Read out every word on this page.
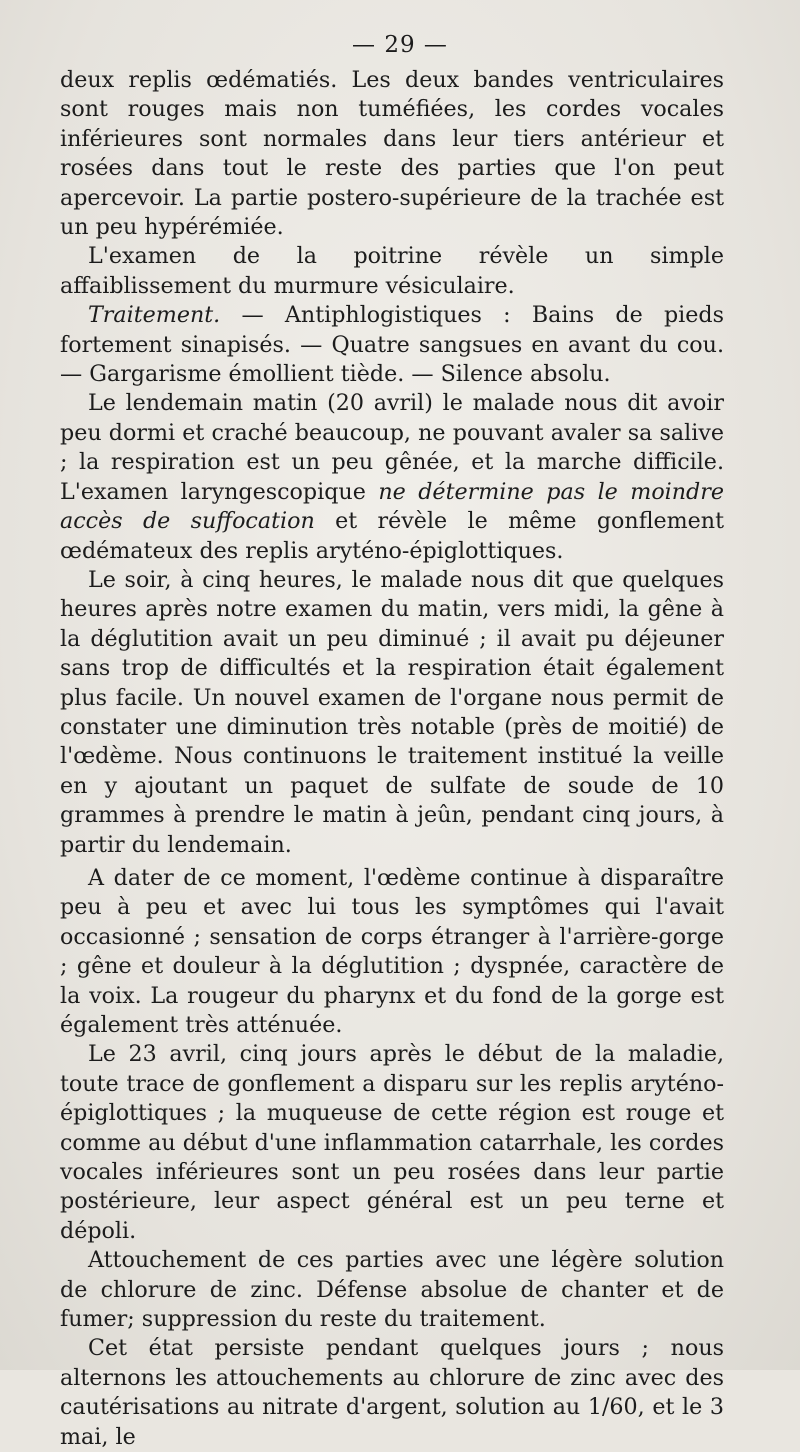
— 29 —

deux replis œdématiés. Les deux bandes ventriculaires sont rouges mais non tuméfiées, les cordes vocales inférieures sont normales dans leur tiers antérieur et rosées dans tout le reste des parties que l'on peut apercevoir. La partie postero-supérieure de la trachée est un peu hypérémiée.

L'examen de la poitrine révèle un simple affaiblissement du murmure vésiculaire.

Traitement. — Antiphlogistiques : Bains de pieds fortement sinapisés. — Quatre sangsues en avant du cou. — Gargarisme émollient tiède. — Silence absolu.

Le lendemain matin (20 avril) le malade nous dit avoir peu dormi et craché beaucoup, ne pouvant avaler sa salive ; la respiration est un peu gênée, et la marche difficile. L'examen laryngescopique ne détermine pas le moindre accès de suffocation et révèle le même gonflement œdémateux des replis aryténo-épiglottiques.

Le soir, à cinq heures, le malade nous dit que quelques heures après notre examen du matin, vers midi, la gêne à la déglutition avait un peu diminué ; il avait pu déjeuner sans trop de difficultés et la respiration était également plus facile. Un nouvel examen de l'organe nous permit de constater une diminution très notable (près de moitié) de l'œdème. Nous continuons le traitement institué la veille en y ajoutant un paquet de sulfate de soude de 10 grammes à prendre le matin à jeûn, pendant cinq jours, à partir du lendemain.

A dater de ce moment, l'œdème continue à disparaître peu à peu et avec lui tous les symptômes qui l'avait occasionné ; sensation de corps étranger à l'arrière-gorge ; gêne et douleur à la déglutition ; dyspnée, caractère de la voix. La rougeur du pharynx et du fond de la gorge est également très atténuée.

Le 23 avril, cinq jours après le début de la maladie, toute trace de gonflement a disparu sur les replis aryténo-épiglottiques ; la muqueuse de cette région est rouge et comme au début d'une inflammation catarrhale, les cordes vocales inférieures sont un peu rosées dans leur partie postérieure, leur aspect général est un peu terne et dépoli.

Attouchement de ces parties avec une légère solution de chlorure de zinc. Défense absolue de chanter et de fumer; suppression du reste du traitement.

Cet état persiste pendant quelques jours ; nous alternons les attouchements au chlorure de zinc avec des cautérisations au nitrate d'argent, solution au 1/60, et le 3 mai, le
